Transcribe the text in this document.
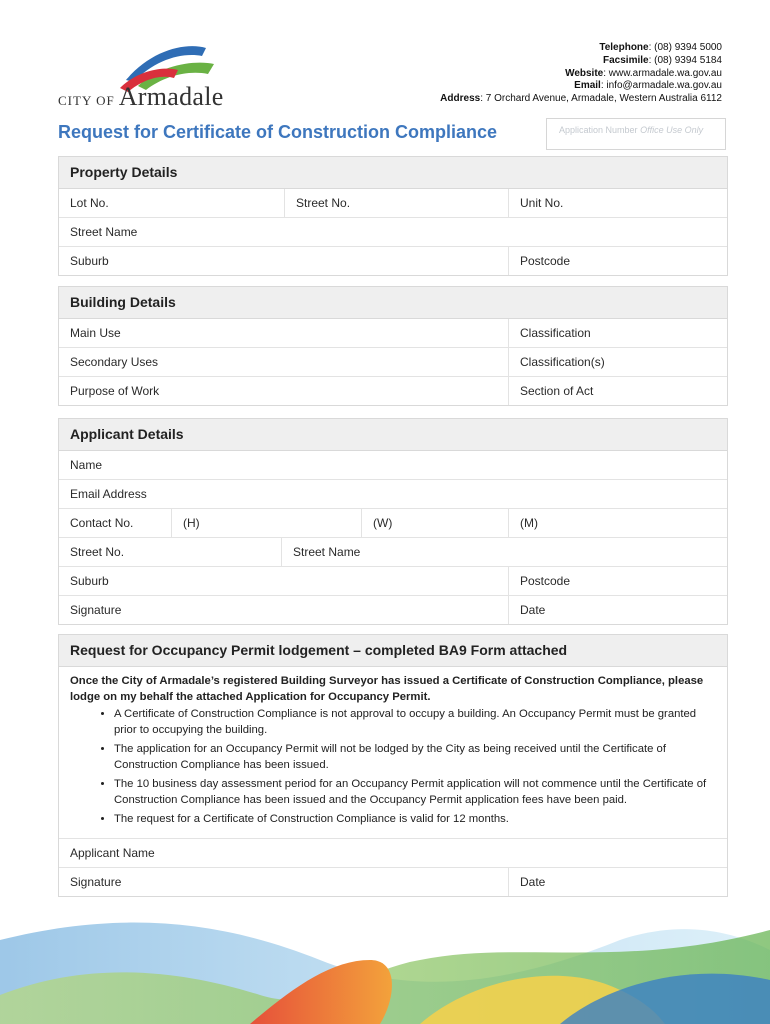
CITY OF Armadale
Telephone: (08) 9394 5000
Facsimile: (08) 9394 5184
Website: www.armadale.wa.gov.au
Email: info@armadale.wa.gov.au
Address: 7 Orchard Avenue, Armadale, Western Australia 6112
Request for Certificate of Construction Compliance	Application Number Office Use Only
Property Details
Lot No.	Street No.	Unit No.
Street Name
Suburb	Postcode
Building Details
Main Use	Classification
Secondary Uses	Classification(s)
Purpose of Work	Section of Act
Applicant Details
Name
Email Address
Contact No.	(H)	(W)	(M)
Street No.	Street Name
Suburb	Postcode
Signature	Date
Request for Occupancy Permit lodgement – completed BA9 Form attached
Once the City of Armadale’s registered Building Surveyor has issued a Certificate of Construction Compliance, please lodge on my behalf the attached Application for Occupancy Permit.
• A Certificate of Construction Compliance is not approval to occupy a building. An Occupancy Permit must be granted prior to occupying the building.
• The application for an Occupancy Permit will not be lodged by the City as being received until the Certificate of Construction Compliance has been issued.
• The 10 business day assessment period for an Occupancy Permit application will not commence until the Certificate of Construction Compliance has been issued and the Occupancy Permit application fees have been paid.
• The request for a Certificate of Construction Compliance is valid for 12 months.
Applicant Name
Signature	Date
